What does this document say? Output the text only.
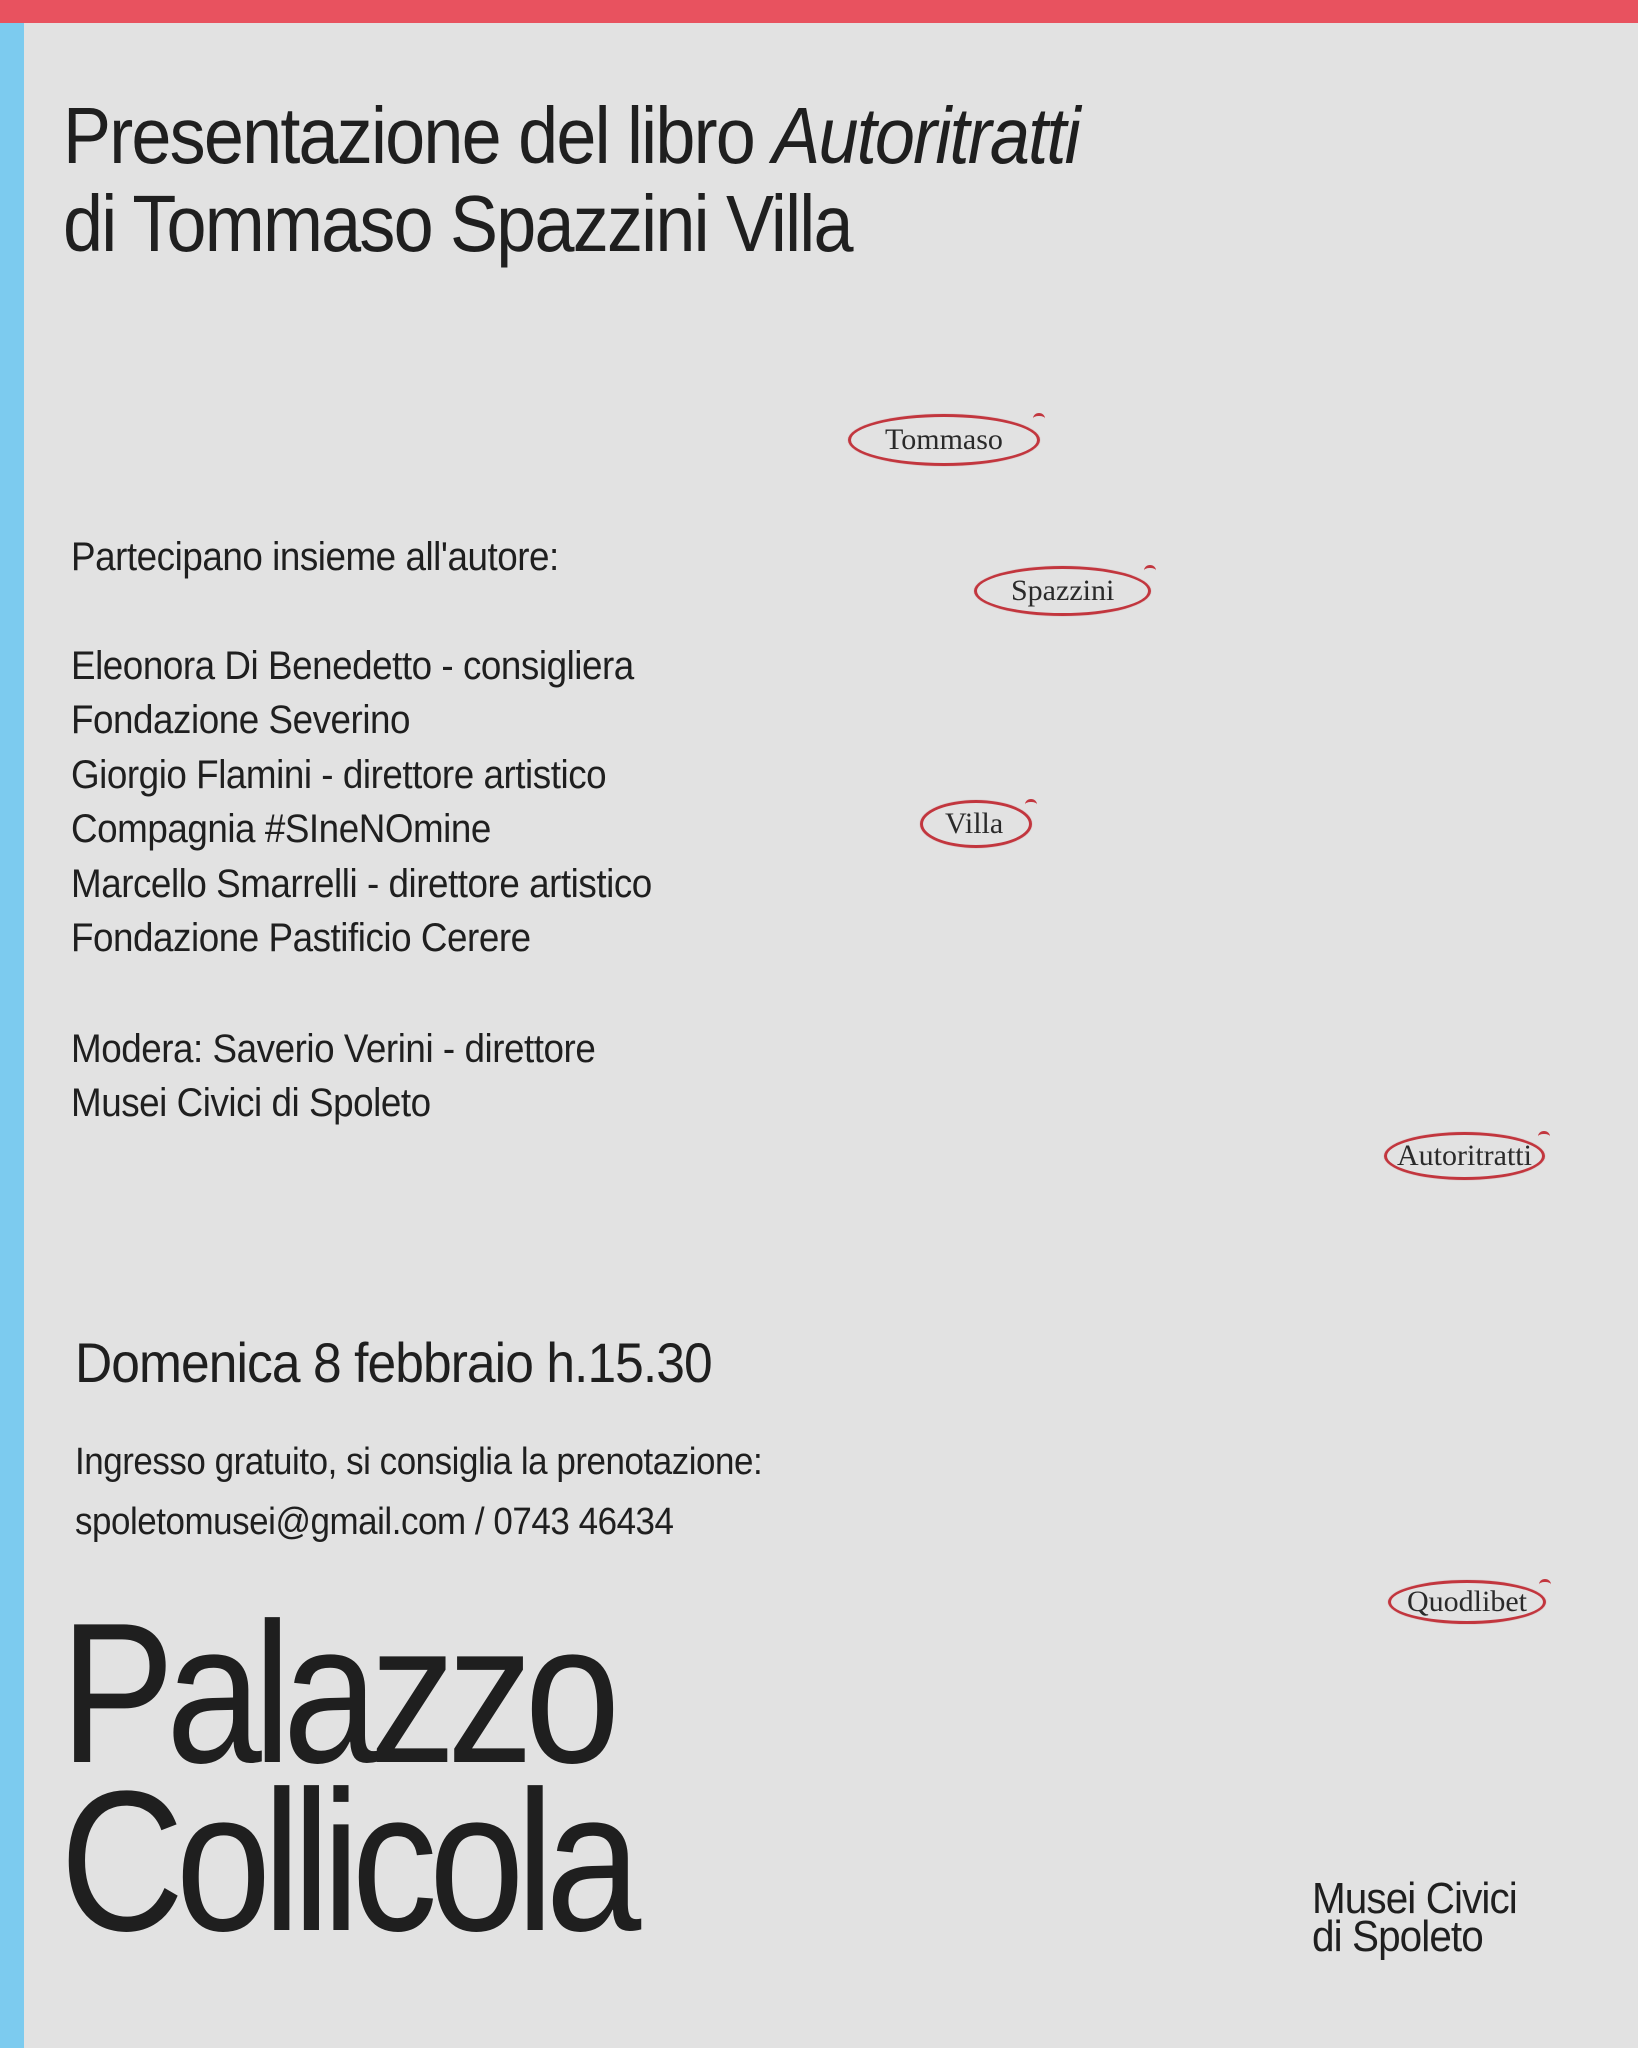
Presentazione del libro Autoritratti
di Tommaso Spazzini Villa
Partecipano insieme all'autore:
Eleonora Di Benedetto - consigliera
Fondazione Severino
Giorgio Flamini - direttore artistico
Compagnia #SIneNOmine
Marcello Smarrelli - direttore artistico
Fondazione Pastificio Cerere
Modera: Saverio Verini - direttore
Musei Civici di Spoleto
Domenica 8 febbraio h.15.30
Ingresso gratuito, si consiglia la prenotazione:
spoletomusei@gmail.com / 0743 46434
Palazzo
Collicola	Musei Civici
di Spoleto
Tommaso
Spazzini
Villa
Autoritratti
Quodlibet
